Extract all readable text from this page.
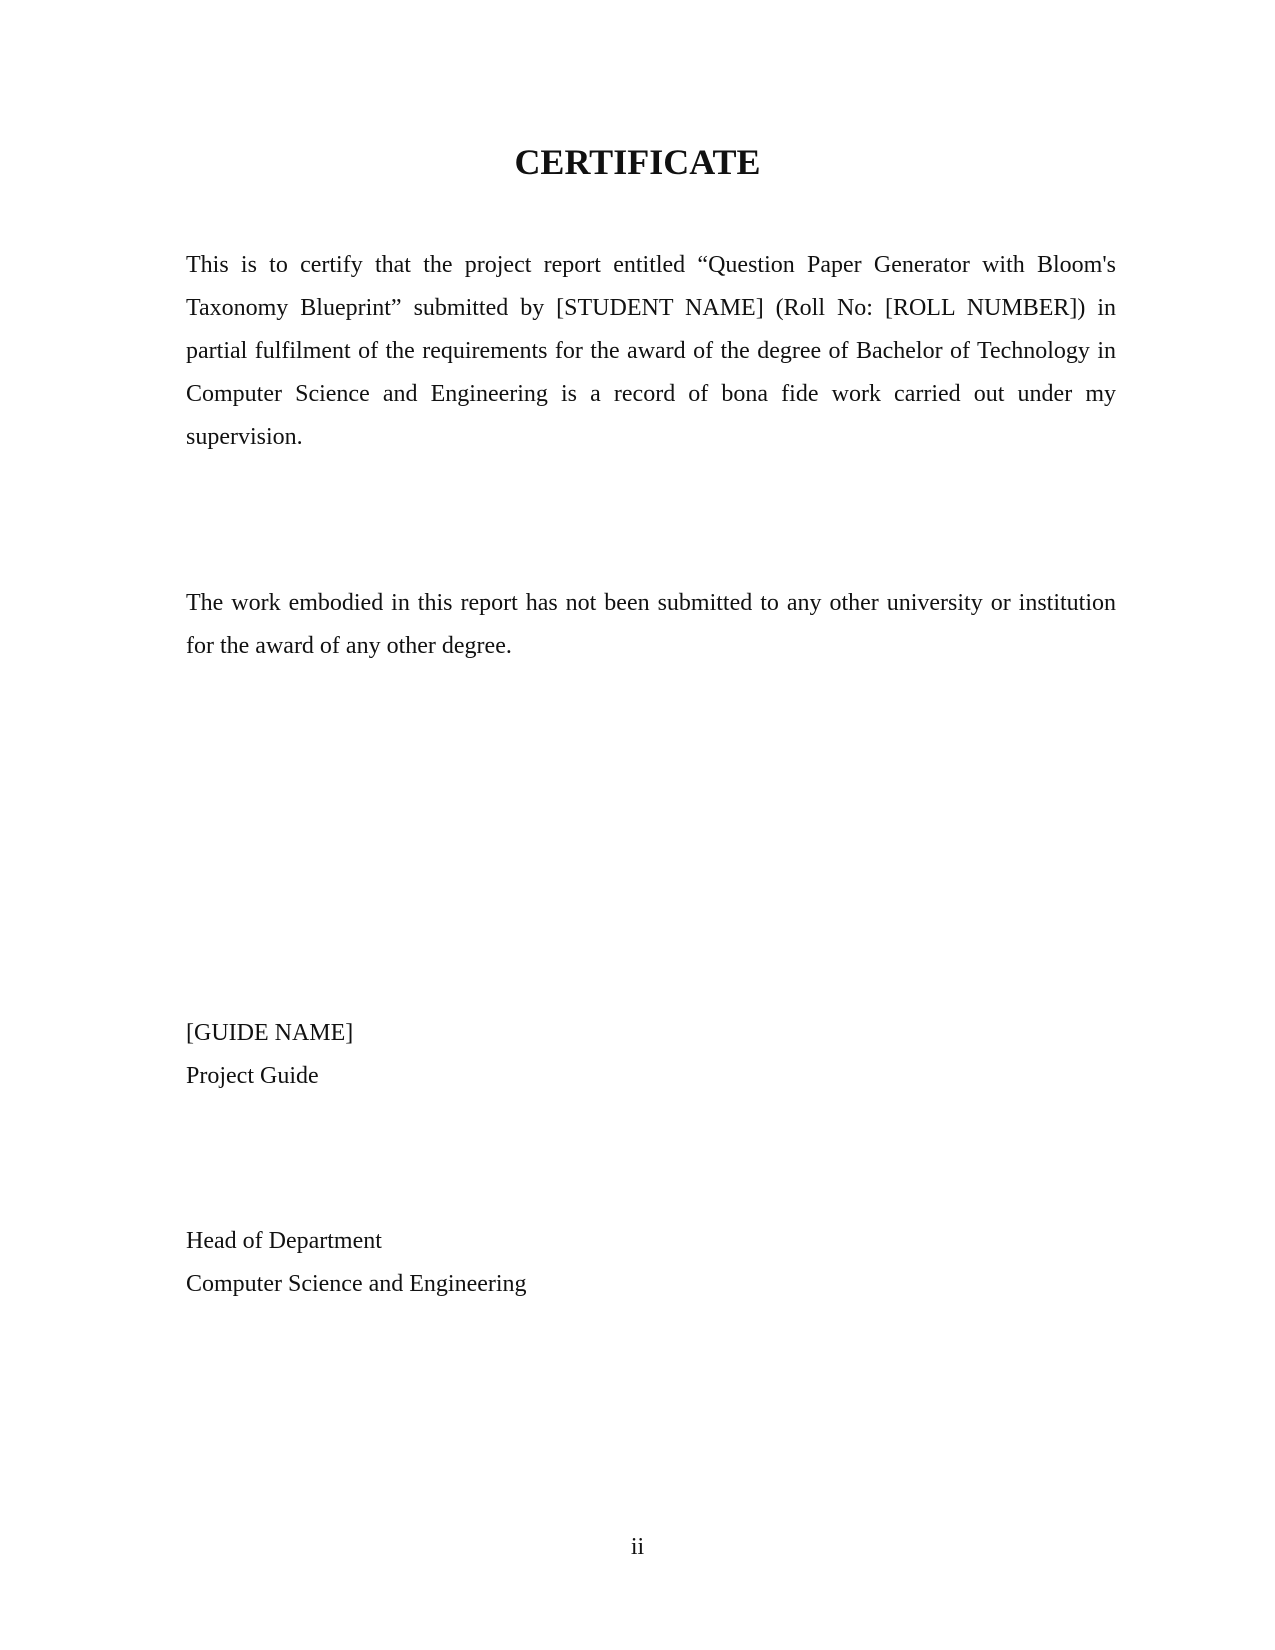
CERTIFICATE

This is to certify that the project report entitled “Question Paper Generator with Bloom's Taxonomy Blueprint” submitted by [STUDENT NAME] (Roll No: [ROLL NUMBER]) in partial fulfilment of the requirements for the award of the degree of Bachelor of Technology in Computer Science and Engineering is a record of bona fide work carried out under my supervision.

The work embodied in this report has not been submitted to any other university or institution for the award of any other degree.

[GUIDE NAME]

Project Guide

Head of Department

Computer Science and Engineering

ii
